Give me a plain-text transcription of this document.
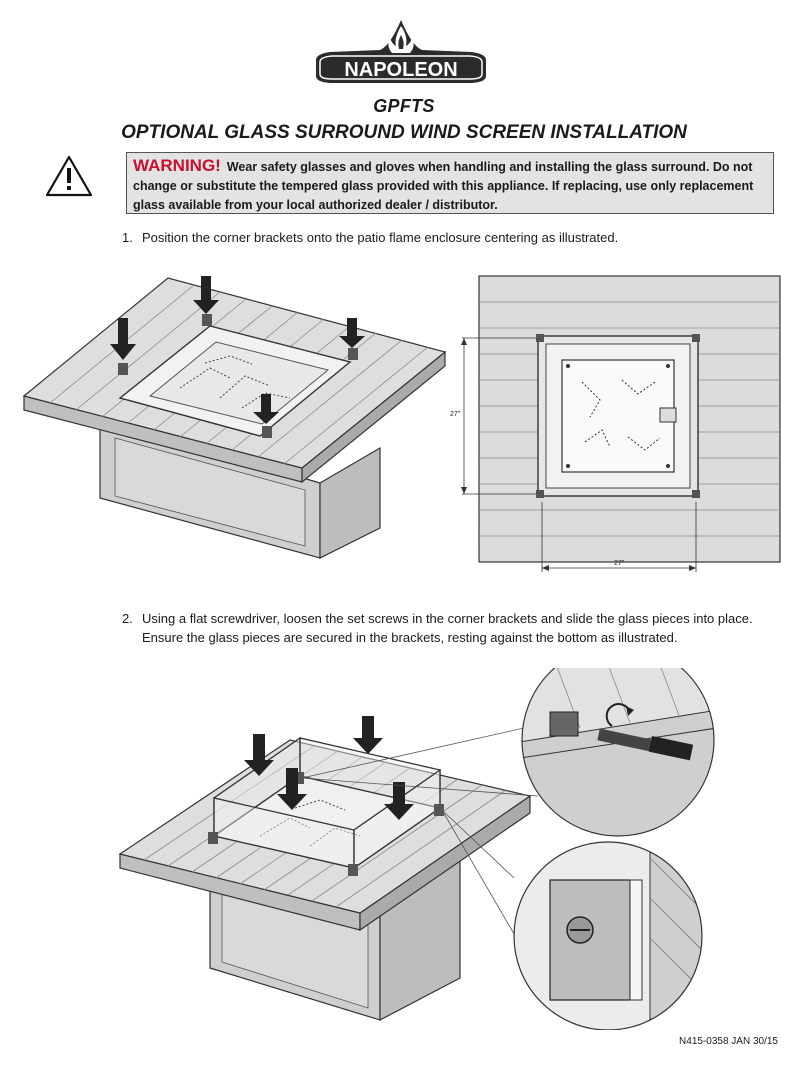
NAPOLEON
GPFTS
OPTIONAL GLASS SURROUND WIND SCREEN INSTALLATION
WARNING! Wear safety glasses and gloves when handling and installing the glass surround. Do not change or substitute the tempered glass provided with this appliance. If replacing, use only replacement glass available from your local authorized dealer / distributor.
1. Position the corner brackets onto the patio flame enclosure centering as illustrated.
27"
27"
2. Using a flat screwdriver, loosen the set screws in the corner brackets and slide the glass pieces into place.
Ensure the glass pieces are secured in the brackets, resting against the bottom as illustrated.
N415-0358 JAN 30/15
